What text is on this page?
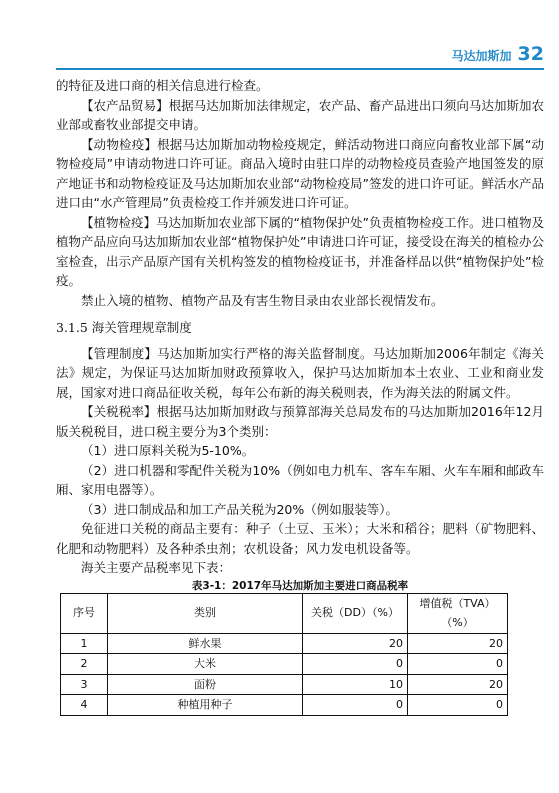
马达加斯加 32

的特征及进口商的相关信息进行检查。

【农产品贸易】根据马达加斯加法律规定，农产品、畜产品进出口须向马达加斯加农业部或畜牧业部提交申请。

【动物检疫】根据马达加斯加动物检疫规定，鲜活动物进口商应向畜牧业部下属“动物检疫局”申请动物进口许可证。商品入境时由驻口岸的动物检疫员查验产地国签发的原产地证书和动物检疫证及马达加斯加农业部“动物检疫局”签发的进口许可证。鲜活水产品进口由“水产管理局”负责检疫工作并颁发进口许可证。

【植物检疫】马达加斯加农业部下属的“植物保护处”负责植物检疫工作。进口植物及植物产品应向马达加斯加农业部“植物保护处”申请进口许可证，接受设在海关的植检办公室检查，出示产品原产国有关机构签发的植物检疫证书，并准备样品以供“植物保护处”检疫。

禁止入境的植物、植物产品及有害生物目录由农业部长视情发布。

3.1.5 海关管理规章制度

【管理制度】马达加斯加实行严格的海关监督制度。马达加斯加2006年制定《海关法》规定，为保证马达加斯加财政预算收入，保护马达加斯加本土农业、工业和商业发展，国家对进口商品征收关税，每年公布新的海关税则表，作为海关法的附属文件。

【关税税率】根据马达加斯加财政与预算部海关总局发布的马达加斯加2016年12月版关税税目，进口税主要分为3个类别：

（1）进口原料关税为5-10%。

（2）进口机器和零配件关税为10%（例如电力机车、客车车厢、火车车厢和邮政车厢、家用电器等）。

（3）进口制成品和加工产品关税为20%（例如服装等）。

免征进口关税的商品主要有：种子（土豆、玉米）；大米和稻谷；肥料（矿物肥料、化肥和动物肥料）及各种杀虫剂；农机设备；风力发电机设备等。

海关主要产品税率见下表：

表3-1：2017年马达加斯加主要进口商品税率
序号	类别	关税（DD）（%）	增值税（TVA）（%）
1	鲜水果	20	20
2	大米	0	0
3	面粉	10	20
4	种植用种子	0	0
